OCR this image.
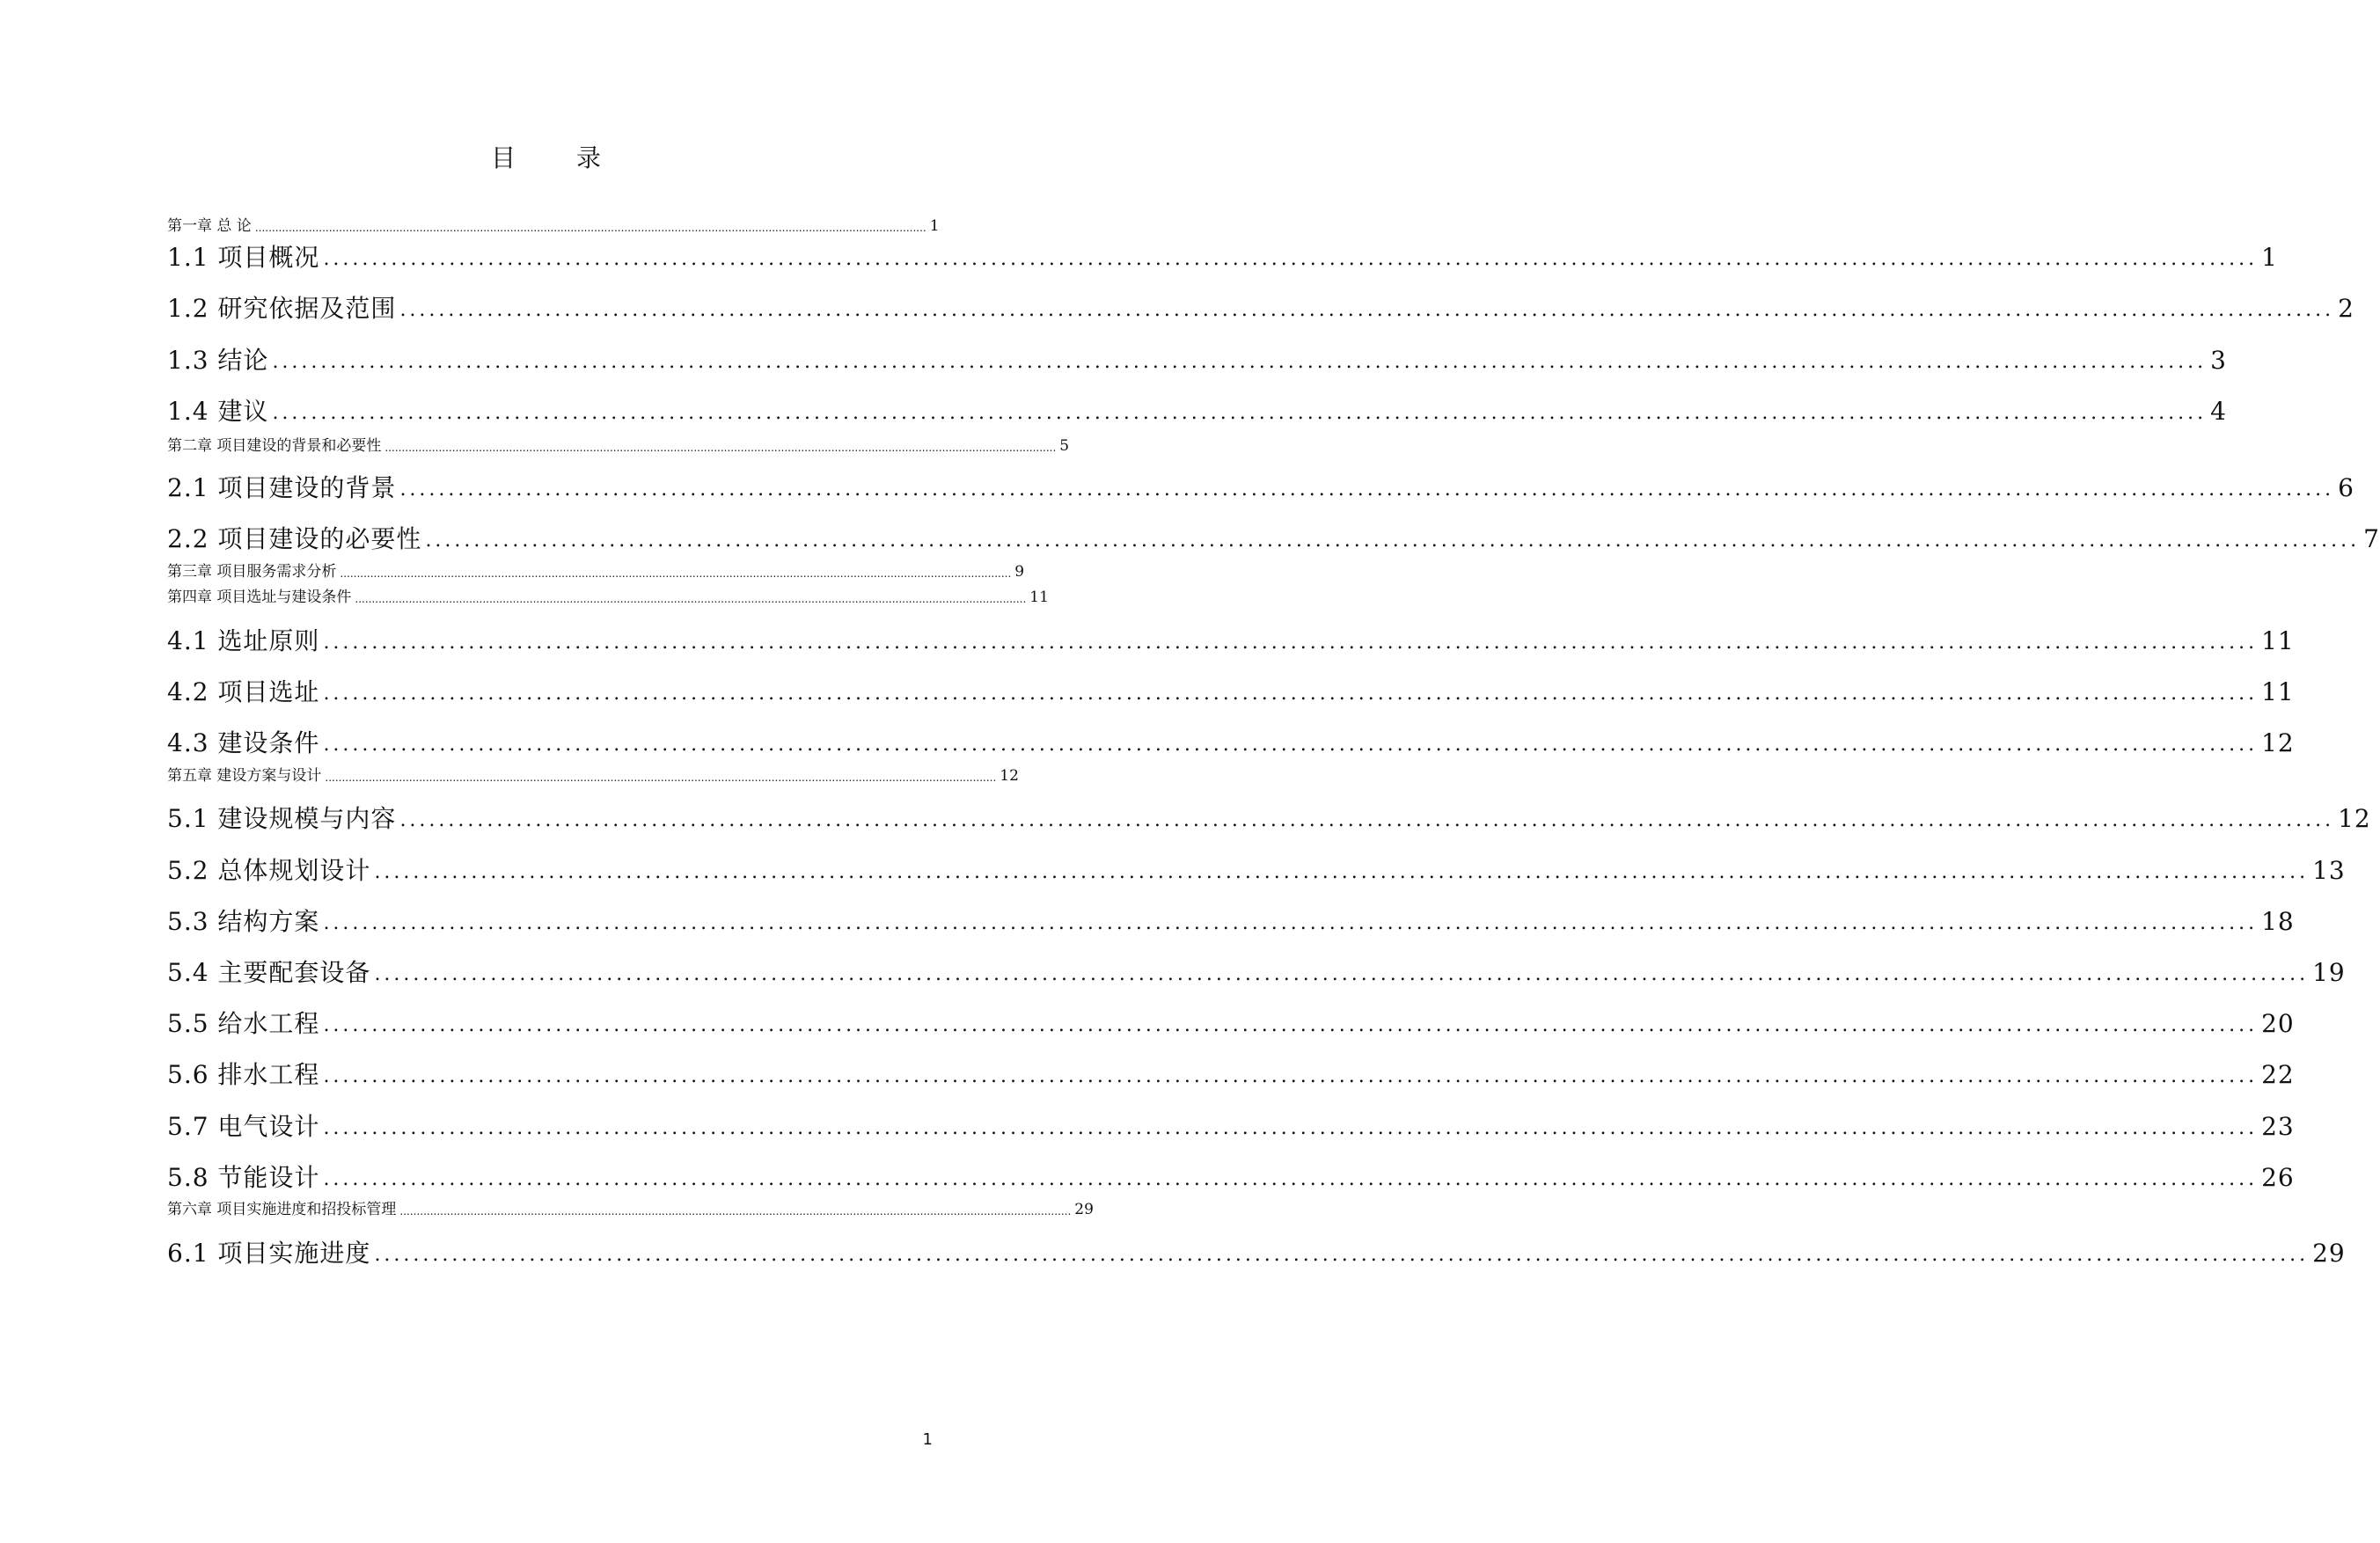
目 录
第一章 总 论 ........................................................................................................................................................................................................ 1
1.1 项目概况 ........................................................................................................................................................................................................ 1
1.2 研究依据及范围 ........................................................................................................................................................................................................ 2
1.3 结论 ........................................................................................................................................................................................................ 3
1.4 建议 ........................................................................................................................................................................................................ 4
第二章 项目建设的背景和必要性 ........................................................................................................................................................................................................ 5
2.1 项目建设的背景 ........................................................................................................................................................................................................ 6
2.2 项目建设的必要性 ........................................................................................................................................................................................................ 7
第三章 项目服务需求分析 ........................................................................................................................................................................................................ 9
第四章 项目选址与建设条件 ........................................................................................................................................................................................................ 11
4.1 选址原则 ........................................................................................................................................................................................................ 11
4.2 项目选址 ........................................................................................................................................................................................................ 11
4.3 建设条件 ........................................................................................................................................................................................................ 12
第五章 建设方案与设计 ........................................................................................................................................................................................................ 12
5.1 建设规模与内容 ........................................................................................................................................................................................................ 12
5.2 总体规划设计 ........................................................................................................................................................................................................ 13
5.3 结构方案 ........................................................................................................................................................................................................ 18
5.4 主要配套设备 ........................................................................................................................................................................................................ 19
5.5 给水工程 ........................................................................................................................................................................................................ 20
5.6 排水工程 ........................................................................................................................................................................................................ 22
5.7 电气设计 ........................................................................................................................................................................................................ 23
5.8 节能设计 ........................................................................................................................................................................................................ 26
第六章 项目实施进度和招投标管理 ........................................................................................................................................................................................................ 29
6.1 项目实施进度 ........................................................................................................................................................................................................ 29
1
